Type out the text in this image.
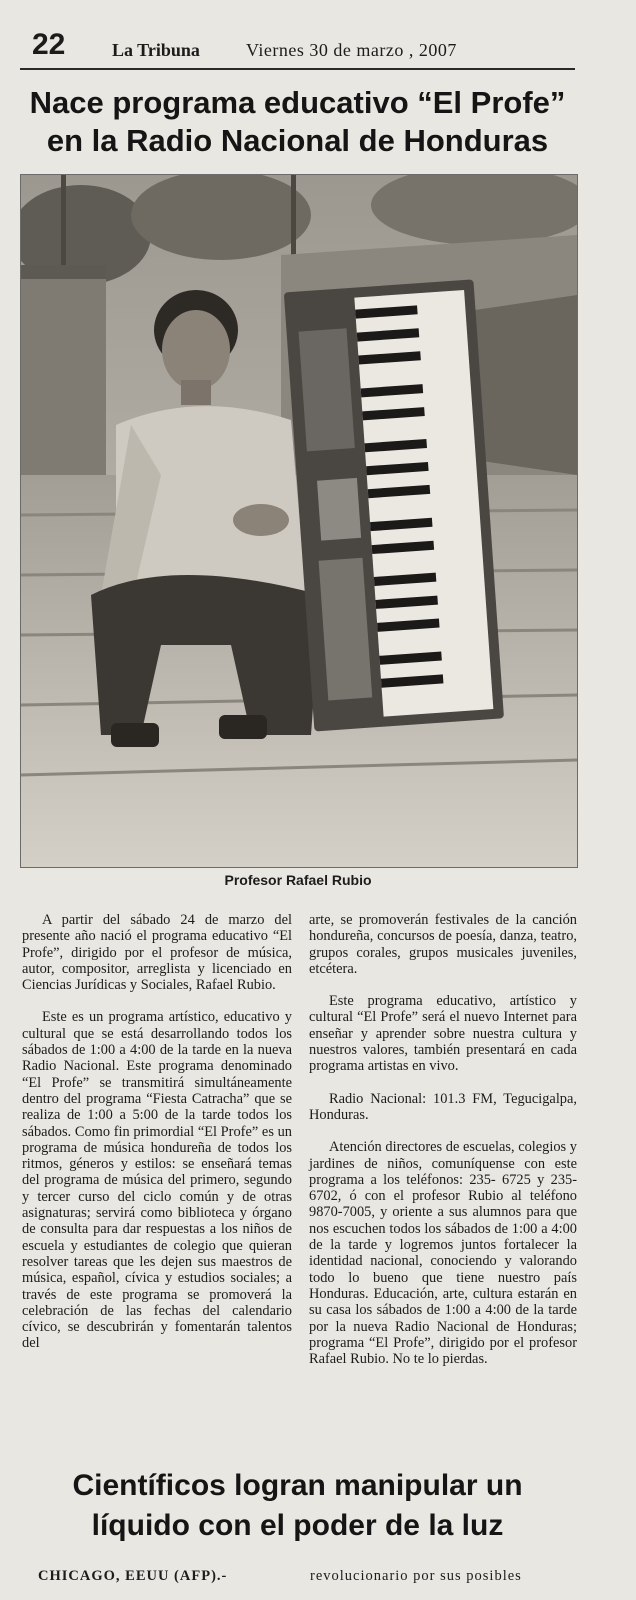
22	La Tribuna	Viernes 30 de marzo , 2007
Nace programa educativo “El Profe”
en la Radio Nacional de Honduras
Profesor Rafael Rubio

A partir del sábado 24 de marzo del presente año nació el programa educativo “El Profe”, dirigido por el profesor de música, autor, compositor, arreglista y licenciado en Ciencias Jurídicas y Sociales, Rafael Rubio.

Este es un programa artístico, educativo y cultural que se está desarrollando todos los sábados de 1:00 a 4:00 de la tarde en la nueva Radio Nacional. Este programa denominado “El Profe” se transmitirá simultáneamente dentro del programa “Fiesta Catracha” que se realiza de 1:00 a 5:00 de la tarde todos los sábados. Como fin primordial “El Profe” es un programa de música hondureña de todos los ritmos, géneros y estilos: se enseñará temas del programa de música del primero, segundo y tercer curso del ciclo común y de otras asignaturas; servirá como biblioteca y órgano de consulta para dar respuestas a los niños de escuela y estudiantes de colegio que quieran resolver tareas que les dejen sus maestros de música, español, cívica y estudios sociales; a través de este programa se promoverá la celebración de las fechas del calendario cívico, se descubrirán y fomentarán talentos del

arte, se promoverán festivales de la canción hondureña, concursos de poesía, danza, teatro, grupos corales, grupos musicales juveniles, etcétera.

Este programa educativo, artístico y cultural “El Profe” será el nuevo Internet para enseñar y aprender sobre nuestra cultura y nuestros valores, también presentará en cada programa artistas en vivo.

Radio Nacional: 101.3 FM, Tegucigalpa, Honduras.

Atención directores de escuelas, colegios y jardines de niños, comuníquense con este programa a los teléfonos: 235- 6725 y 235-6702, ó con el profesor Rubio al teléfono 9870-7005, y oriente a sus alumnos para que nos escuchen todos los sábados de 1:00 a 4:00 de la tarde y logremos juntos fortalecer la identidad nacional, conociendo y valorando todo lo bueno que tiene nuestro país Honduras. Educación, arte, cultura estarán en su casa los sábados de 1:00 a 4:00 de la tarde por la nueva Radio Nacional de Honduras; programa “El Profe”, dirigido por el profesor Rafael Rubio. No te lo pierdas.

Científicos logran manipular un
líquido con el poder de la luz
CHICAGO, EEUU (AFP).-	revolucionario por sus posibles
